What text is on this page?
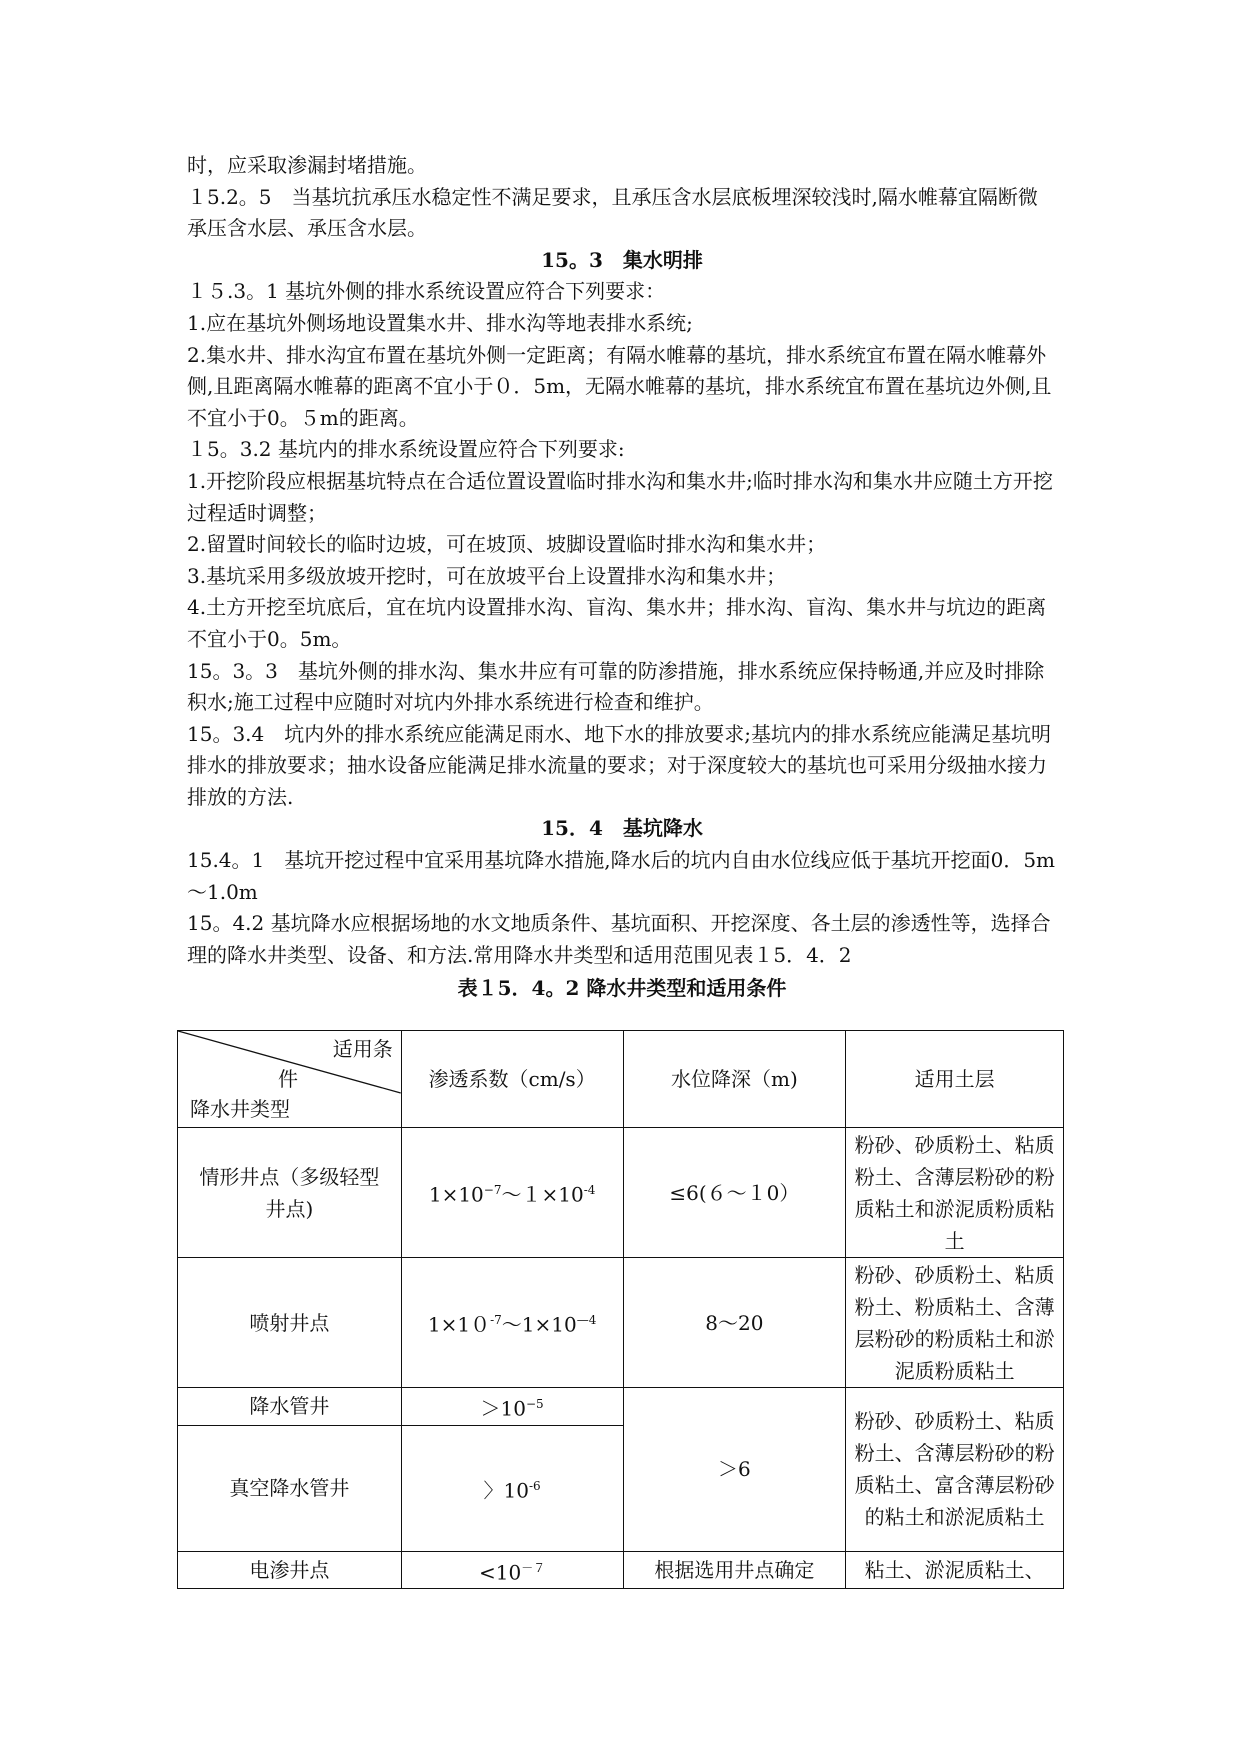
时，应采取渗漏封堵措施。

１5.2。5　当基坑抗承压水稳定性不满足要求，且承压含水层底板埋深较浅时,隔水帷幕宜隔断微承压含水层、承压含水层。

15。3　集水明排

１５.3。1 基坑外侧的排水系统设置应符合下列要求：

1.应在基坑外侧场地设置集水井、排水沟等地表排水系统;

2.集水井、排水沟宜布置在基坑外侧一定距离；有隔水帷幕的基坑，排水系统宜布置在隔水帷幕外侧,且距离隔水帷幕的距离不宜小于０．5m，无隔水帷幕的基坑，排水系统宜布置在基坑边外侧,且不宜小于0。５m的距离。

１5。3.2 基坑内的排水系统设置应符合下列要求:

1.开挖阶段应根据基坑特点在合适位置设置临时排水沟和集水井;临时排水沟和集水井应随土方开挖过程适时调整；

2.留置时间较长的临时边坡，可在坡顶、坡脚设置临时排水沟和集水井；

3.基坑采用多级放坡开挖时，可在放坡平台上设置排水沟和集水井；

4.土方开挖至坑底后，宜在坑内设置排水沟、盲沟、集水井；排水沟、盲沟、集水井与坑边的距离不宜小于0。5m。

15。3。3　基坑外侧的排水沟、集水井应有可靠的防渗措施，排水系统应保持畅通,并应及时排除积水;施工过程中应随时对坑内外排水系统进行检查和维护。

15。3.4　坑内外的排水系统应能满足雨水、地下水的排放要求;基坑内的排水系统应能满足基坑明排水的排放要求；抽水设备应能满足排水流量的要求；对于深度较大的基坑也可采用分级抽水接力排放的方法.

15．4　基坑降水

15.4。1　基坑开挖过程中宜采用基坑降水措施,降水后的坑内自由水位线应低于基坑开挖面0．5m～1.0m

15。4.2 基坑降水应根据场地的水文地质条件、基坑面积、开挖深度、各土层的渗透性等，选择合理的降水井类型、设备、和方法.常用降水井类型和适用范围见表１5．4．2

表１5．4。2 降水井类型和适用条件

适用条
件
降水井类型	渗透系数（cm/s）	水位降深（m)	适用土层
情形井点（多级轻型井点)	$1\times 10^{-7}\sim 1\times 10^{-4}$	≤6(６～１0）	粉砂、砂质粉土、粘质粉土、含薄层粉砂的粉质粘土和淤泥质粉质粘土
喷射井点	$1\times 10^{-7}\sim 1\times 10^{—4}$	8～20	粉砂、砂质粉土、粘质粉土、粉质粘土、含薄层粉砂的粉质粘土和淤泥质粉质粘土
降水管井	$>10^{-5}$	＞6	粉砂、砂质粉土、粘质粉土、含薄层粉砂的粉质粘土、富含薄层粉砂的粘土和淤泥质粘土
真空降水管井	〉$10^{-6}$
电渗井点	$<10^{-7}$	根据选用井点确定	粘土、淤泥质粘土、
